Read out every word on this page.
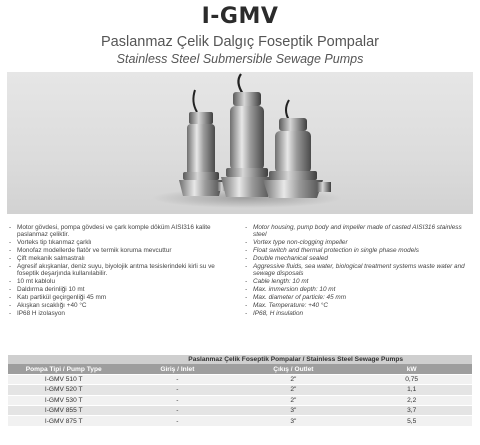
I-GMV
Paslanmaz Çelik Dalgıç Foseptik Pompalar
Stainless Steel Submersible Sewage Pumps
- Motor gövdesi, pompa gövdesi ve çark komple döküm AISI316 kalite paslanmaz çeliktir.
- Vorteks tip tıkanmaz çarklı
- Monofaz modellerde flatör ve termik koruma mevcuttur
- Çift mekanik salmastralı
- Agresif akışkanlar, deniz suyu, biyolojik arıtma tesislerindeki kirli su ve foseptik deşarjında kullanılabilir.
- 10 mt kablolu
- Daldırma derinliği 10 mt
- Katı partikül geçirgenliği 45 mm
- Akışkan sıcaklığı +40 °C
- IP68 H izolasyon
- Motor housing, pump body and impeller made of casted AISI316 stainless steel
- Vortex type non-clogging impeller
- Float switch and thermal protection in single phase models
- Double mechanical sealed
- Aggressive fluids, sea water, biological treatment systems waste water and sewage disposals
- Cable length: 10 mt
- Max. immersion depth: 10 mt
- Max. diameter of particle: 45 mm
- Max. Temperature: +40 °C
- IP68, H insulation
	Paslanmaz Çelik Foseptik Pompalar / Stainless Steel Sewage Pumps		
Pompa Tipi / Pump Type	Giriş / Inlet	Çıkış / Outlet	kW
I-GMV 510 T	-	2"	0,75
I-GMV 520 T	-	2"	1,1
I-GMV 530 T	-	2"	2,2
I-GMV 855 T	-	3"	3,7
I-GMV 875 T	-	3"	5,5
